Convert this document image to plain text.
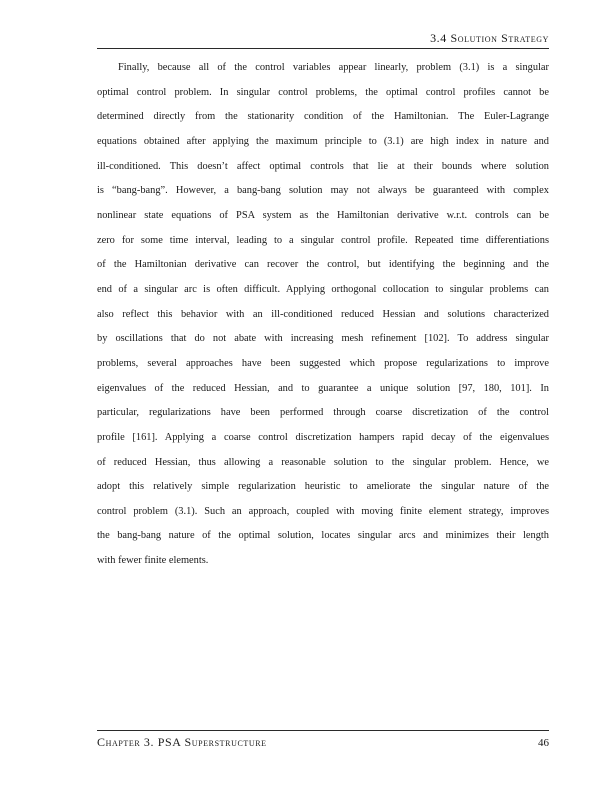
3.4 Solution Strategy
Finally, because all of the control variables appear linearly, problem (3.1) is a singular
optimal control problem. In singular control problems, the optimal control profiles cannot be
determined directly from the stationarity condition of the Hamiltonian. The Euler-Lagrange
equations obtained after applying the maximum principle to (3.1) are high index in nature and
ill-conditioned. This doesn’t affect optimal controls that lie at their bounds where solution
is “bang-bang”. However, a bang-bang solution may not always be guaranteed with complex
nonlinear state equations of PSA system as the Hamiltonian derivative w.r.t. controls can be
zero for some time interval, leading to a singular control profile. Repeated time differentiations
of the Hamiltonian derivative can recover the control, but identifying the beginning and the
end of a singular arc is often difficult. Applying orthogonal collocation to singular problems can
also reflect this behavior with an ill-conditioned reduced Hessian and solutions characterized
by oscillations that do not abate with increasing mesh refinement [102]. To address singular
problems, several approaches have been suggested which propose regularizations to improve
eigenvalues of the reduced Hessian, and to guarantee a unique solution [97, 180, 101]. In
particular, regularizations have been performed through coarse discretization of the control
profile [161]. Applying a coarse control discretization hampers rapid decay of the eigenvalues
of reduced Hessian, thus allowing a reasonable solution to the singular problem. Hence, we
adopt this relatively simple regularization heuristic to ameliorate the singular nature of the
control problem (3.1). Such an approach, coupled with moving finite element strategy, improves
the bang-bang nature of the optimal solution, locates singular arcs and minimizes their length
with fewer finite elements.
Chapter 3. PSA Superstructure	46
